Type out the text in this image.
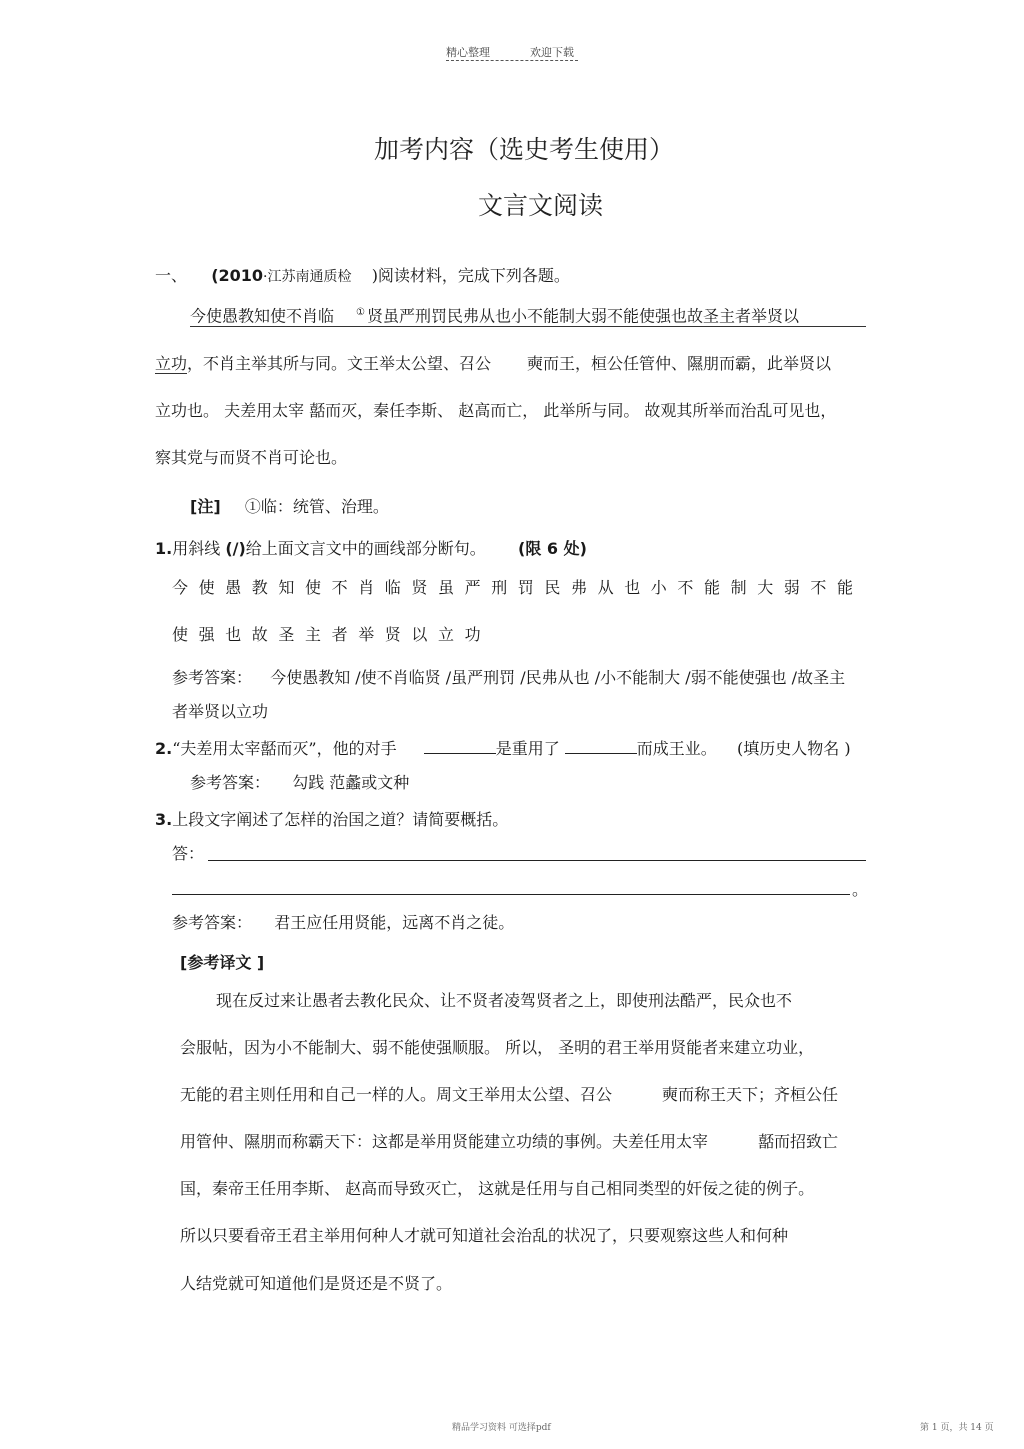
精心整理	欢迎下载
加考内容（选史考生使用）
文言文阅读
一、 (2010·江苏南通质检 )阅读材料，完成下列各题。
今使愚教知使不肖临 ① 贤虽严刑罚民弗从也小不能制大弱不能使强也故圣主者举贤以
立功，不肖主举其所与同。文王举太公望、召公 奭而王，桓公任管仲、隰朋而霸，此举贤以
立功也。 夫差用太宰 嚭而灭，秦任李斯、 赵高而亡， 此举所与同。 故观其所举而治乱可见也，
察其党与而贤不肖可论也。
[注] ①临：统管、治理。
1.用斜线 (/)给上面文言文中的画线部分断句。 (限 6 处)
今使愚教知使不肖临贤虽严刑罚民弗从也小不能制大弱不能
使强也故圣主者举贤以立功
参考答案： 今使愚教知 /使不肖临贤 /虽严刑罚 /民弗从也 /小不能制大 /弱不能使强也 /故圣主
者举贤以立功
2.“夫差用太宰嚭而灭”，他的对手	是重用了	而成王业。 (填历史人物名 )
参考答案： 勾践 范蠡或文种
3.上段文字阐述了怎样的治国之道？请简要概括。
答：
。
参考答案： 君王应任用贤能，远离不肖之徒。
[参考译文 ]
现在反过来让愚者去教化民众、让不贤者凌驾贤者之上，即使刑法酷严，民众也不
会服帖，因为小不能制大、弱不能使强顺服。 所以， 圣明的君王举用贤能者来建立功业，
无能的君主则任用和自己一样的人。周文王举用太公望、召公	奭而称王天下；齐桓公任
用管仲、隰朋而称霸天下：这都是举用贤能建立功绩的事例。夫差任用太宰	嚭而招致亡
国，秦帝王任用李斯、 赵高而导致灭亡， 这就是任用与自己相同类型的奸佞之徒的例子。
所以只要看帝王君主举用何种人才就可知道社会治乱的状况了，只要观察这些人和何种
人结党就可知道他们是贤还是不贤了。
精品学习资料 可选择pdf	第 1 页，共 14 页
